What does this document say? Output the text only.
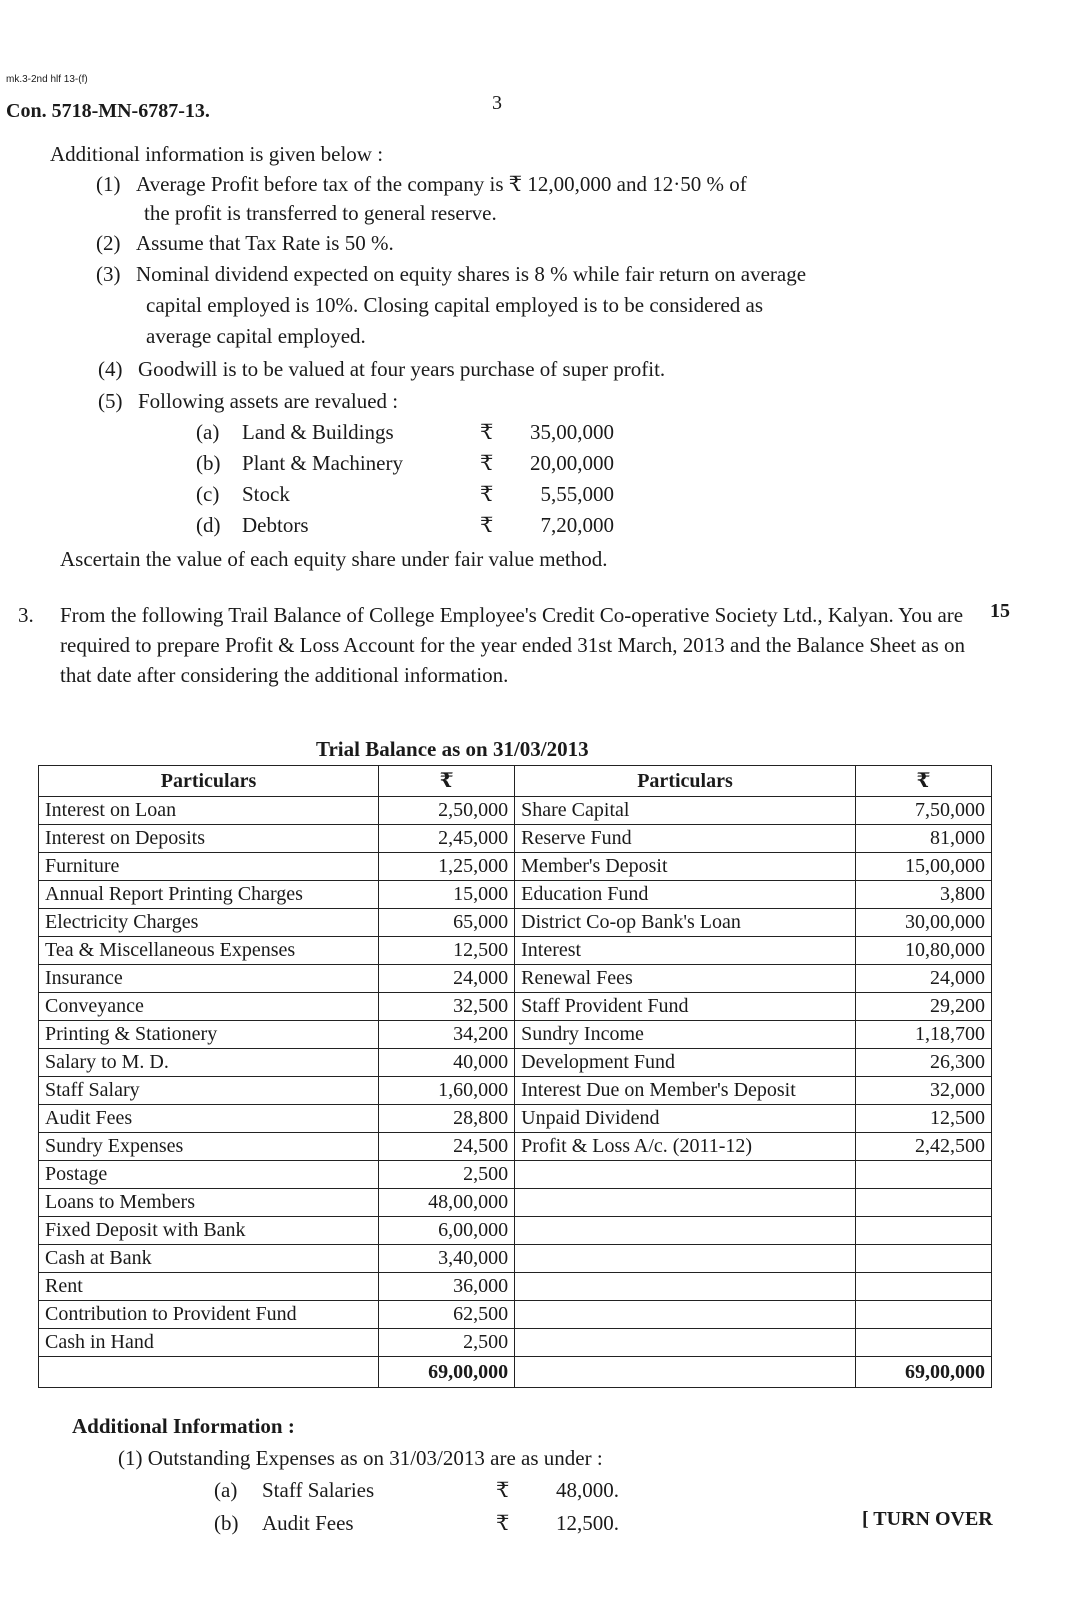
mk.3-2nd hlf 13-(f)
Con. 5718-MN-6787-13.	3
Additional information is given below :
(1) Average Profit before tax of the company is ₹ 12,00,000 and 12·50 % of
the profit is transferred to general reserve.
(2) Assume that Tax Rate is 50 %.
(3) Nominal dividend expected on equity shares is 8 % while fair return on average
capital employed is 10%. Closing capital employed is to be considered as
average capital employed.
(4) Goodwill is to be valued at four years purchase of super profit.
(5) Following assets are revalued :
(a) Land & Buildings	₹ 35,00,000
(b) Plant & Machinery	₹ 20,00,000
(c) Stock	₹ 5,55,000
(d) Debtors	₹ 7,20,000
Ascertain the value of each equity share under fair value method.
3. From the following Trail Balance of College Employee's Credit Co-operative Society Ltd., Kalyan. You are required to prepare Profit & Loss Account for the year ended 31st March, 2013 and the Balance Sheet as on that date after considering the additional information.
15
Trial Balance as on 31/03/2013
Particulars	₹	Particulars	₹
Interest on Loan	2,50,000	Share Capital	7,50,000
Interest on Deposits	2,45,000	Reserve Fund	81,000
Furniture	1,25,000	Member's Deposit	15,00,000
Annual Report Printing Charges	15,000	Education Fund	3,800
Electricity Charges	65,000	District Co-op Bank's Loan	30,00,000
Tea & Miscellaneous Expenses	12,500	Interest	10,80,000
Insurance	24,000	Renewal Fees	24,000
Conveyance	32,500	Staff Provident Fund	29,200
Printing & Stationery	34,200	Sundry Income	1,18,700
Salary to M. D.	40,000	Development Fund	26,300
Staff Salary	1,60,000	Interest Due on Member's Deposit	32,000
Audit Fees	28,800	Unpaid Dividend	12,500
Sundry Expenses	24,500	Profit & Loss A/c. (2011-12)	2,42,500
Postage	2,500		
Loans to Members	48,00,000		
Fixed Deposit with Bank	6,00,000		
Cash at Bank	3,40,000		
Rent	36,000		
Contribution to Provident Fund	62,500		
Cash in Hand	2,500		
	69,00,000		69,00,000
Additional Information :
(1) Outstanding Expenses as on 31/03/2013 are as under :
(a) Staff Salaries	₹ 48,000.
(b) Audit Fees	₹ 12,500.	[ TURN OVER
